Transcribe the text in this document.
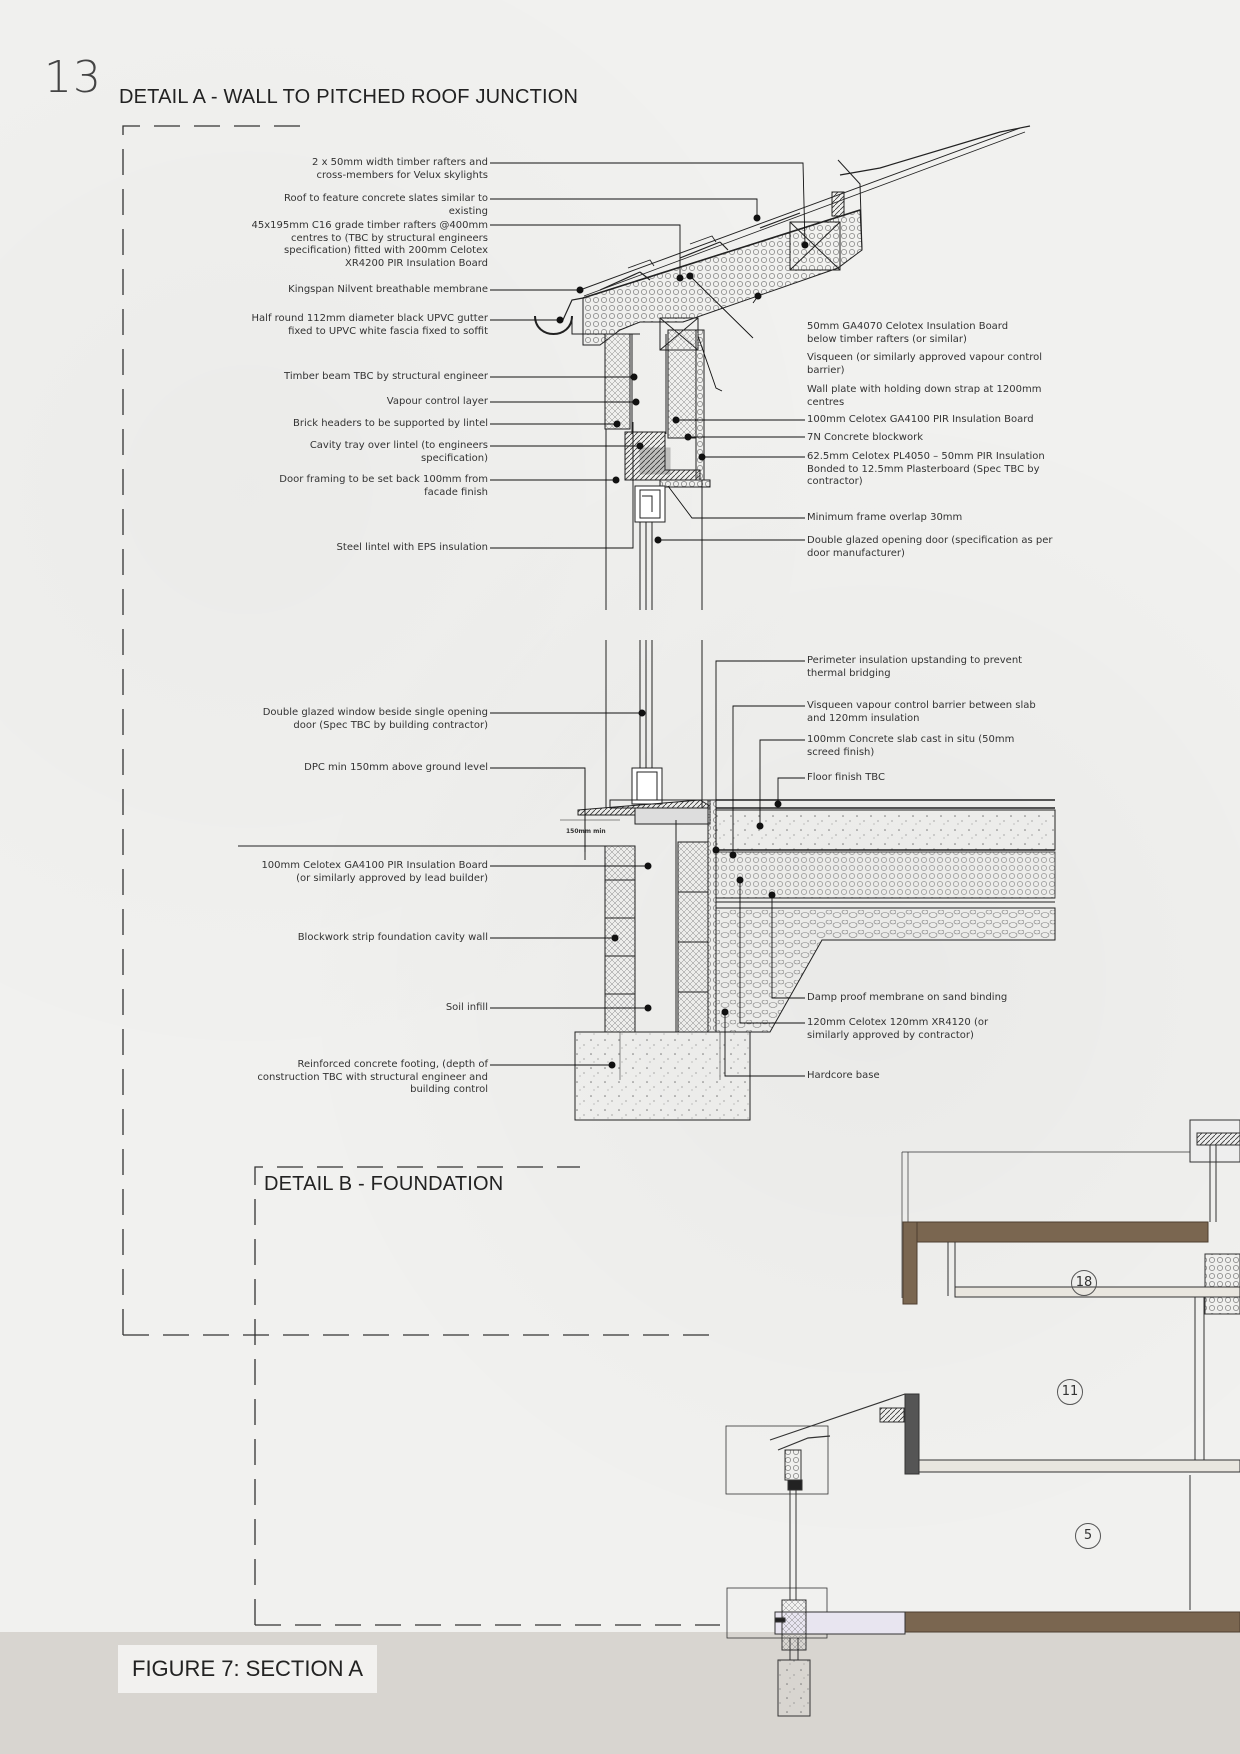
13 DETAIL A - WALL TO PITCHED ROOF JUNCTION
DETAIL B - FOUNDATION
2 x 50mm width timber rafters and
cross-members for Velux skylights
Roof to feature concrete slates similar to
existing
45x195mm C16 grade timber rafters @400mm
centres to (TBC by structural engineers
specification) fitted with 200mm Celotex
XR4200 PIR Insulation Board
Kingspan Nilvent breathable membrane
Half round 112mm diameter black UPVC gutter
fixed to UPVC white fascia fixed to soffit
Timber beam TBC by structural engineer
Vapour control layer
Brick headers to be supported by lintel
Cavity tray over lintel (to engineers
specification)
Door framing to be set back 100mm from
facade finish
Steel lintel with EPS insulation
50mm GA4070 Celotex Insulation Board
below timber rafters (or similar)
Visqueen (or similarly approved vapour control
barrier)
Wall plate with holding down strap at 1200mm
centres
100mm Celotex GA4100 PIR Insulation Board
7N Concrete blockwork
62.5mm Celotex PL4050 – 50mm PIR Insulation
Bonded to 12.5mm Plasterboard (Spec TBC by
contractor)
Minimum frame overlap 30mm
Double glazed opening door (specification as per
door manufacturer)
Double glazed window beside single opening
door (Spec TBC by building contractor)
DPC min 150mm above ground level
100mm Celotex GA4100 PIR Insulation Board
(or similarly approved by lead builder)
Blockwork strip foundation cavity wall
Soil infill
Reinforced concrete footing, (depth of
construction TBC with structural engineer and
building control
Perimeter insulation upstanding to prevent
thermal bridging
Visqueen vapour control barrier between slab
and 120mm insulation
100mm Concrete slab cast in situ (50mm
screed finish)
Floor finish TBC
Damp proof membrane on sand binding
120mm Celotex 120mm XR4120 (or
similarly approved by contractor)
Hardcore base
150mm min
18
11
5
FIGURE 7: SECTION A
